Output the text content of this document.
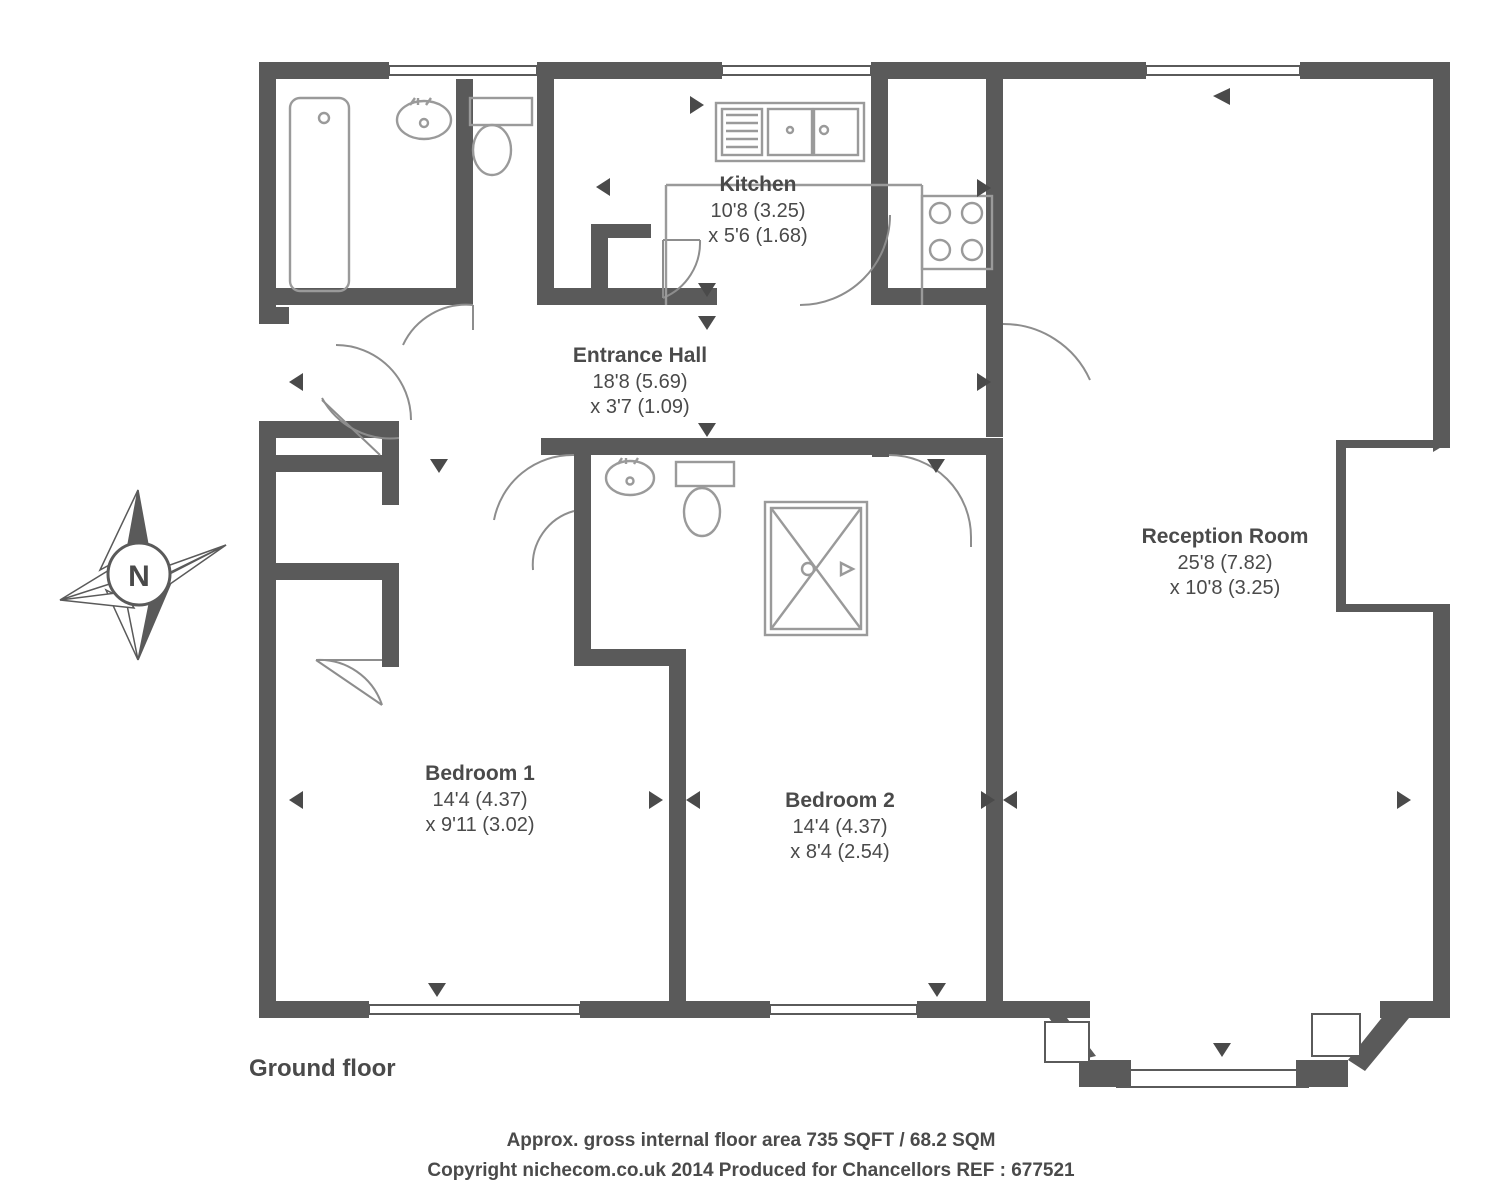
N
Kitchen
10'8 (3.25)
x 5'6 (1.68)
Entrance Hall
18'8 (5.69)
x 3'7 (1.09)
Reception Room
25'8 (7.82)
x 10'8 (3.25)
Bedroom 1
14'4 (4.37)
x 9'11 (3.02)
Bedroom 2
14'4 (4.37)
x 8'4 (2.54)
Ground floor
Approx. gross internal floor area 735 SQFT / 68.2 SQM
Copyright nichecom.co.uk 2014 Produced for Chancellors REF : 677521
